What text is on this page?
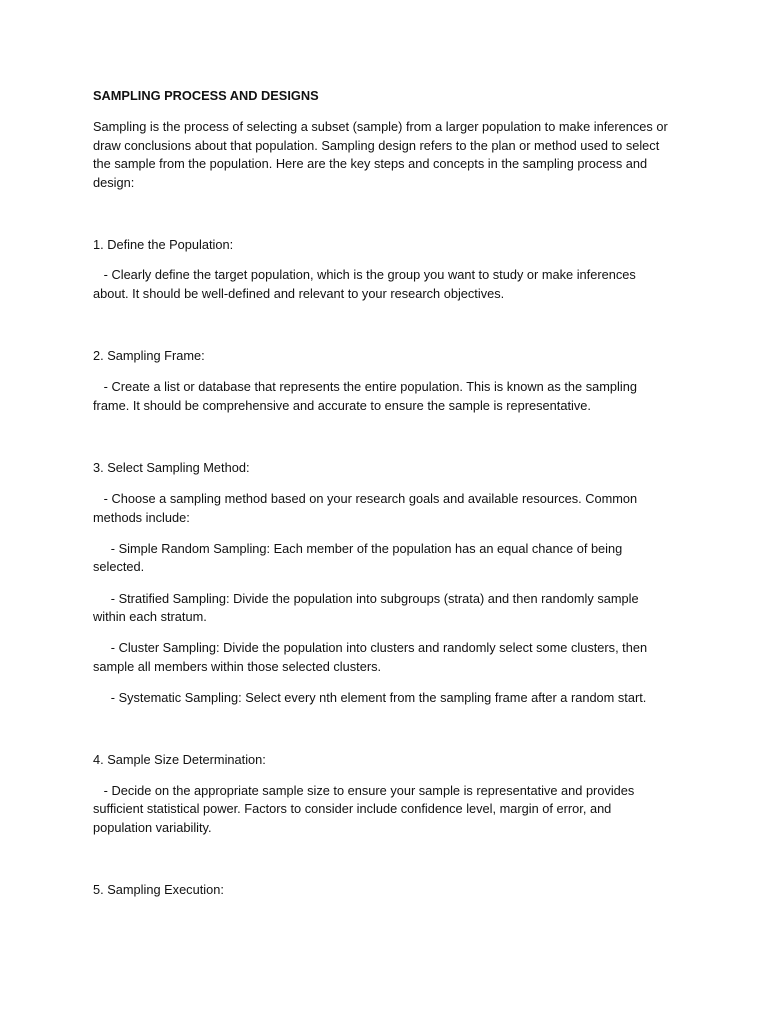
SAMPLING PROCESS AND DESIGNS
Sampling is the process of selecting a subset (sample) from a larger population to make inferences or
draw conclusions about that population. Sampling design refers to the plan or method used to select
the sample from the population. Here are the key steps and concepts in the sampling process and
design:
1. Define the Population:
- Clearly define the target population, which is the group you want to study or make inferences
about. It should be well-defined and relevant to your research objectives.
2. Sampling Frame:
- Create a list or database that represents the entire population. This is known as the sampling
frame. It should be comprehensive and accurate to ensure the sample is representative.
3. Select Sampling Method:
- Choose a sampling method based on your research goals and available resources. Common
methods include:
- Simple Random Sampling: Each member of the population has an equal chance of being
selected.
- Stratified Sampling: Divide the population into subgroups (strata) and then randomly sample
within each stratum.
- Cluster Sampling: Divide the population into clusters and randomly select some clusters, then
sample all members within those selected clusters.
- Systematic Sampling: Select every nth element from the sampling frame after a random start.
4. Sample Size Determination:
- Decide on the appropriate sample size to ensure your sample is representative and provides
sufficient statistical power. Factors to consider include confidence level, margin of error, and
population variability.
5. Sampling Execution:
